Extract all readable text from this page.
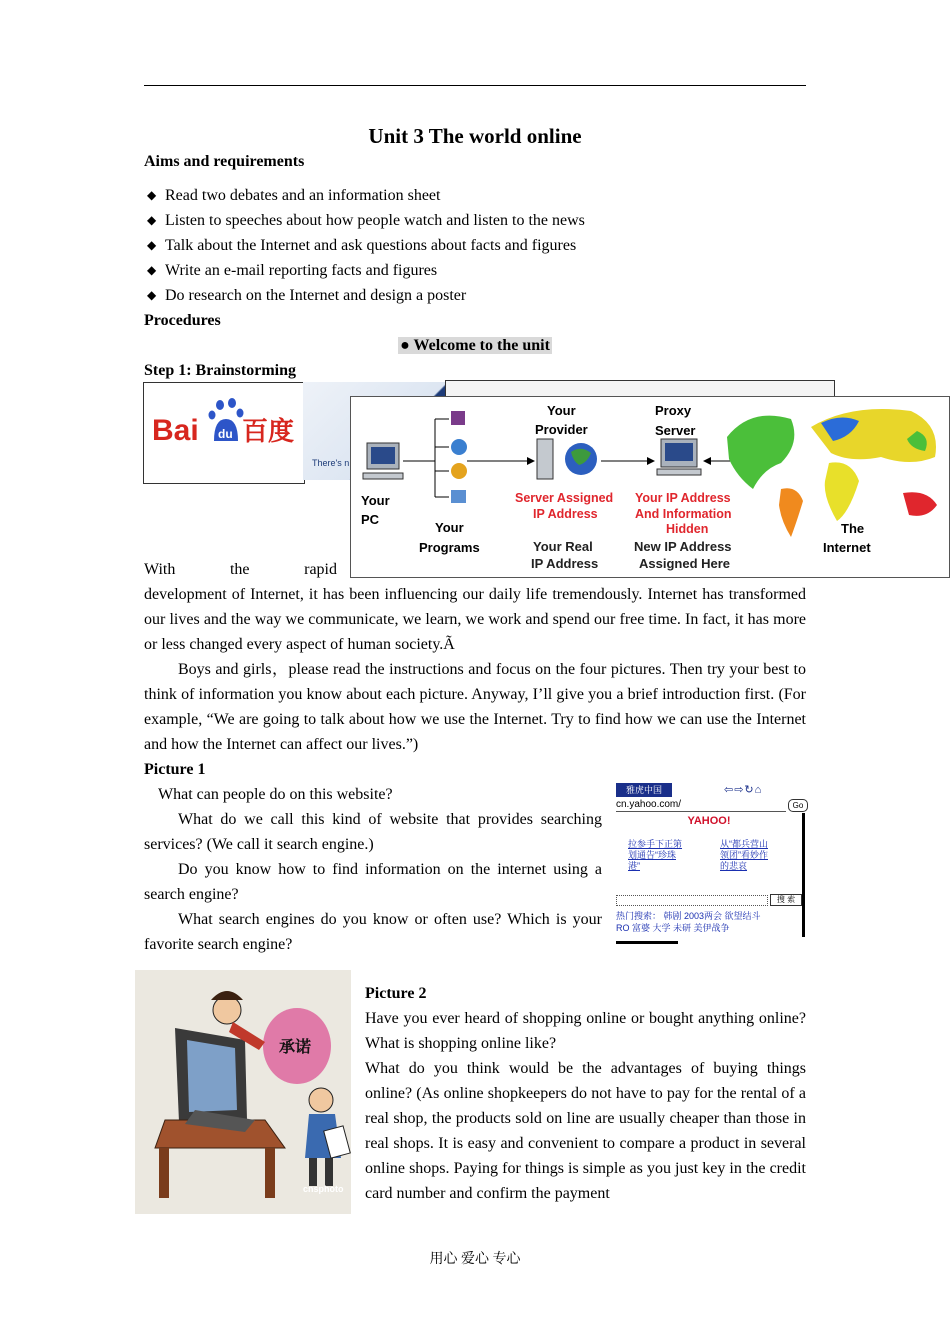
Unit 3 The world online
Aims and requirements
◆ Read two debates and an information sheet
◆ Listen to speeches about how people watch and listen to the news
◆ Talk about the Internet and ask questions about facts and figures
◆ Write an e-mail reporting facts and figures
◆ Do research on the Internet and design a poster
Procedures
● Welcome to the unit
Step 1: Brainstorming
Bai du 百度
There's n
Your PC
Your Provider
Proxy Server
The Internet
Your Programs
Server Assigned IP Address
Your IP Address And Information Hidden
Your Real IP Address
New IP Address Assigned Here
With	the	rapid

development of Internet, it has been influencing our daily life tremendously. Internet has transformed our lives and the way we communicate, we learn, we work and spend our free time. In fact, it has more or less changed every aspect of human society.Ã

Boys and girls，please read the instructions and focus on the four pictures. Then try your best to think of information you know about each picture. Anyway, I’ll give you a brief introduction first. (For example, “We are going to talk about how we use the Internet. Try to find how we can use the Internet and how the Internet can affect our lives.”)

Picture 1

What can people do on this website?

What do we call this kind of website that provides searching services? (We call it search engine.)

Do you know how to find information on the internet using a search engine?

What search engines do you know or often use? Which is your favorite search engine?

雅虎中国	⇦⇨↻⌂
cn.yahoo.com/	Go
YAHOO!
拉参手下正第
划通告“珍珠
港”
从“都兵营山
领团”看妙作
的悲哀
搜 索
热门搜索： 韩剧 2003两会 欲望结斗
RO 富婆 大学 未研 美伊战争
承诺
cnsphoto
Picture 2

Have you ever heard of shopping online or bought anything online? What is shopping online like?

What do you think would be the advantages of buying things online? (As online shopkeepers do not have to pay for the rental of a real shop, the products sold on line are usually cheaper than those in real shops. It is easy and convenient to compare a product in several online shops. Paying for things is simple as you just key in the credit card number and confirm the payment

用心 爱心 专心
